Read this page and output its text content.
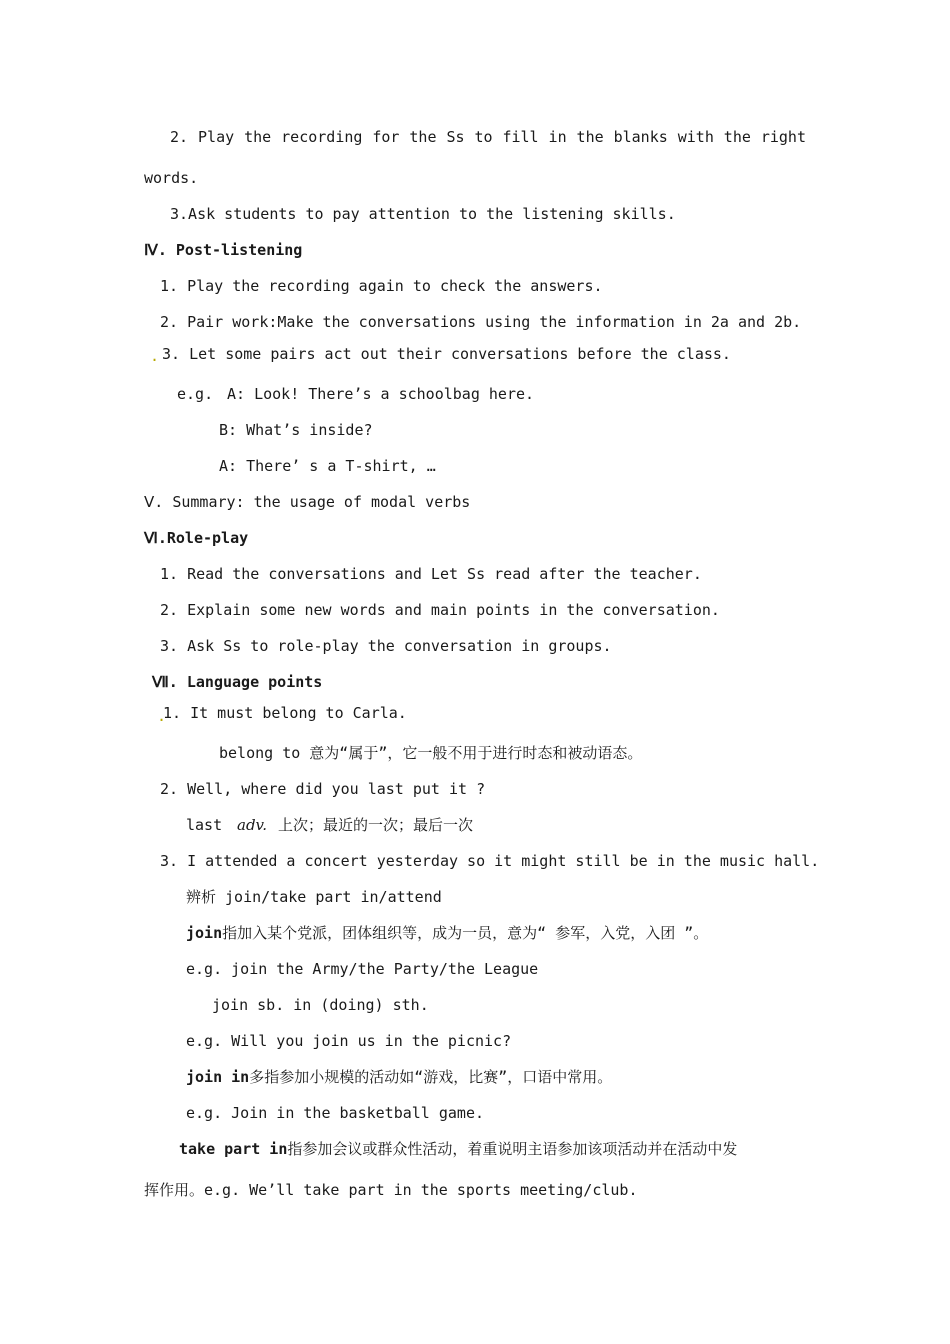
2. Play the recording for the Ss to fill in the blanks with the right
words.
3.Ask students to pay attention to the listening skills.
Ⅳ. Post-listening
1. Play the recording again to check the answers.
2. Pair work:Make the conversations using the information in 2a and 2b.
. 3. Let some pairs act out their conversations before the class.
e.g. A: Look! There’s a schoolbag here.
B: What’s inside?
A: There’ s a T-shirt, …
Ⅴ. Summary: the usage of modal verbs
Ⅵ.Role-play
1. Read the conversations and Let Ss read after the teacher.
2. Explain some new words and main points in the conversation.
3. Ask Ss to role-play the conversation in groups.
Ⅶ. Language points
.
1. It must belong to Carla.
belong to 意为“属于”，它一般不用于进行时态和被动语态。
2. Well, where did you last put it ?
last adv. 上次；最近的一次；最后一次
3. I attended a concert yesterday so it might still be in the music hall.
辨析 join/take part in/attend
join指加入某个党派，团体组织等，成为一员，意为“ 参军，入党，入团 ”。
e.g. join the Army/the Party/the League
join sb. in (doing) sth.
e.g. Will you join us in the picnic?
join in多指参加小规模的活动如“游戏，比赛”，口语中常用。
e.g. Join in the basketball game.
take part in指参加会议或群众性活动，着重说明主语参加该项活动并在活动中发
挥作用。e.g. We’ll take part in the sports meeting/club.
